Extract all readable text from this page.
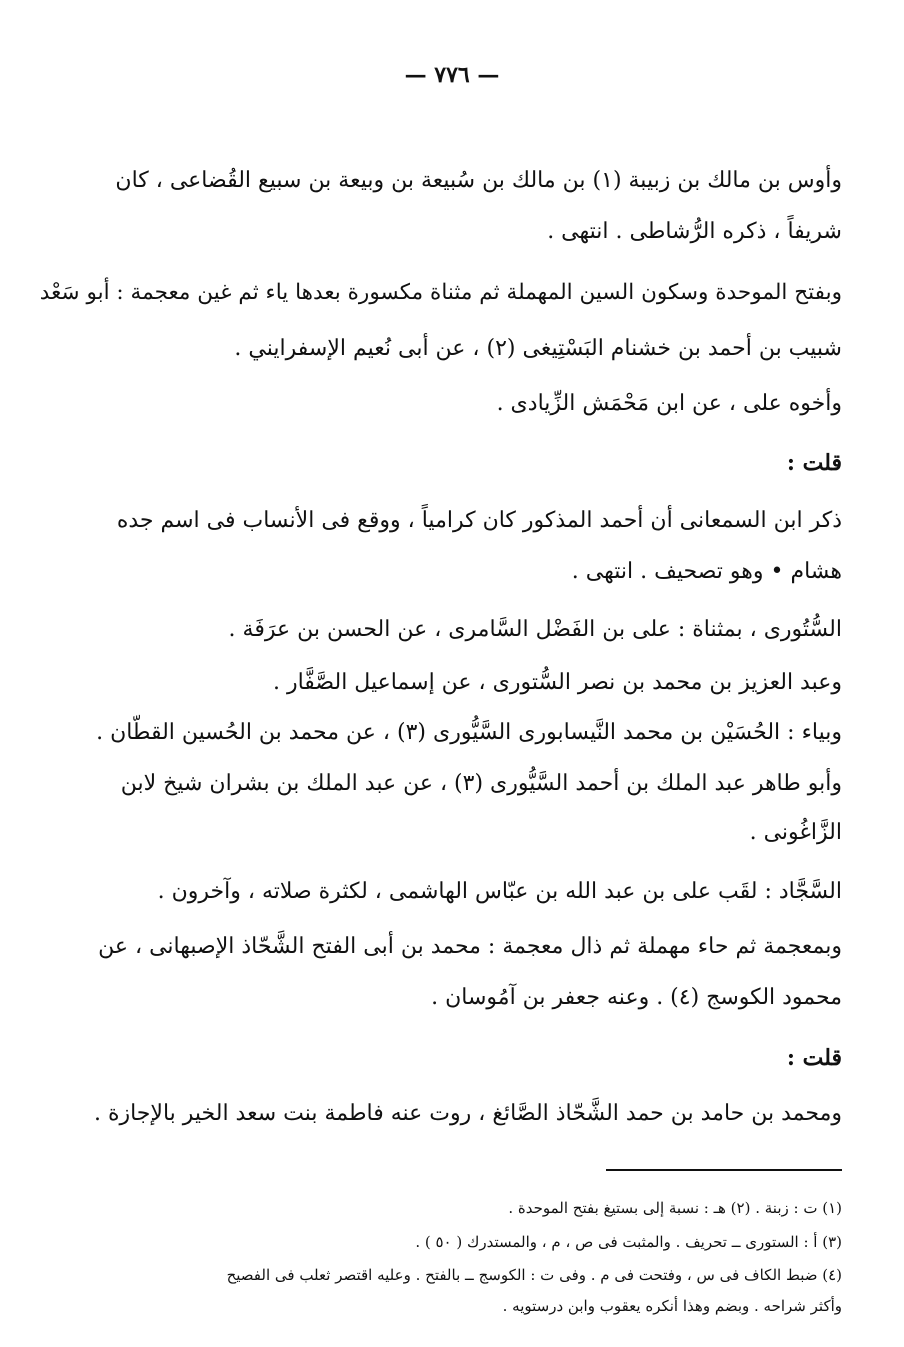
— ٧٧٦ —
وأوس بن مالك بن زبيبة (١) بن مالك بن سُبيعة بن وبيعة بن سبيع القُضاعى ، كان
شريفاً ، ذكره الرُّشاطى . انتهى .
وبفتح الموحدة وسكون السين المهملة ثم مثناة مكسورة بعدها ياء ثم غين معجمة : أبو سَعْد
شبيب بن أحمد بن خشنام البَسْتِيغى (٢) ، عن أبى نُعيم الإسفرايني .
وأخوه على ، عن ابن مَحْمَش الزِّيادى .
قلت :
ذكر ابن السمعانى أن أحمد المذكور كان كرامياً ، ووقع فى الأنساب فى اسم جده
هشام • وهو تصحيف . انتهى .
السُّتُورى ، بمثناة : على بن الفَضْل السَّامرى ، عن الحسن بن عرَفَة .
وعبد العزيز بن محمد بن نصر السُّتورى ، عن إسماعيل الصَّفَّار .
وبياء : الحُسَيْن بن محمد النَّيسابورى السَّيُّورى (٣) ، عن محمد بن الحُسين القطّان .
وأبو طاهر عبد الملك بن أحمد السَّيُّورى (٣) ، عن عبد الملك بن بشران شيخ لابن
الزَّاغُونى .
السَّجَّاد : لقَب على بن عبد الله بن عبّاس الهاشمى ، لكثرة صلاته ، وآخرون .
وبمعجمة ثم حاء مهملة ثم ذال معجمة : محمد بن أبى الفتح الشَّحّاذ الإصبهانى ، عن
محمود الكوسج (٤) . وعنه جعفر بن آمُوسان .
قلت :
ومحمد بن حامد بن حمد الشَّحّاذ الصَّائغ ، روت عنه فاطمة بنت سعد الخير بالإجازة .
(١) ت : زبنة . (٢) هـ : نسبة إلى بستيغ بفتح الموحدة .
(٣) أ : الستورى ــ تحريف . والمثبت فى ص ، م ، والمستدرك ( ٥٠ ) .
(٤) ضبط الكاف فى س ، وفتحت فى م . وفى ت : الكوسج ــ بالفتح . وعليه اقتصر ثعلب فى الفصيح
وأكثر شراحه . وبضم وهذا أنكره يعقوب وابن درستويه .
